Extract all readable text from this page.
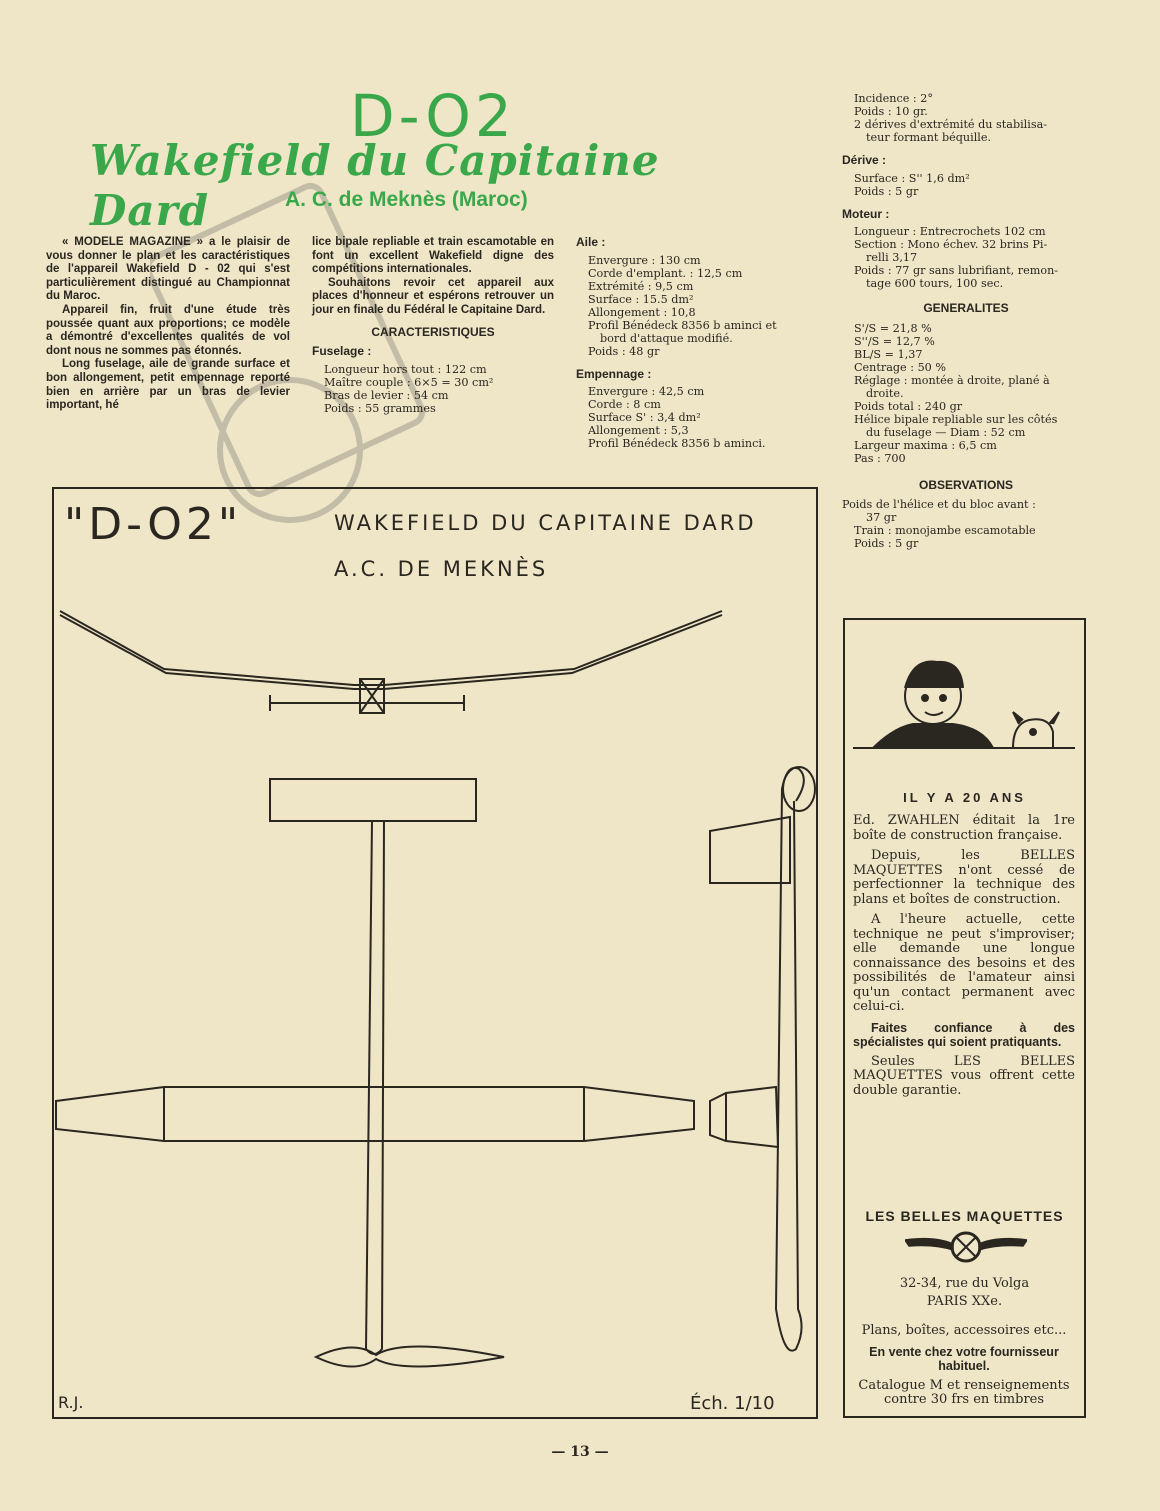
D-O2
Wakefield du Capitaine Dard	A. C. de Meknès (Maroc)

« MODELE MAGAZINE » a le plaisir de vous donner le plan et les caractéristiques de l'appareil Wakefield D - 02 qui s'est particulièrement distingué au Championnat du Maroc.

Appareil fin, fruit d'une étude très poussée quant aux proportions; ce modèle a démontré d'excellentes qualités de vol dont nous ne sommes pas étonnés.

Long fuselage, aile de grande surface et bon allongement, petit empennage reporté bien en arrière par un bras de levier important, hé

lice bipale repliable et train escamotable en font un excellent Wakefield digne des compétitions internationales.

Souhaitons revoir cet appareil aux places d'honneur et espérons retrouver un jour en finale du Fédéral le Capitaine Dard.

CARACTERISTIQUES
Fuselage :

Longueur hors tout : 122 cm

Maître couple : 6×5 = 30 cm²

Bras de levier : 54 cm

Poids : 55 grammes

Aile :

Envergure : 130 cm

Corde d'emplant. : 12,5 cm

Extrémité : 9,5 cm

Surface : 15.5 dm²

Allongement : 10,8

Profil Bénédeck 8356 b aminci et

bord d'attaque modifié.

Poids : 48 gr

Empennage :

Envergure : 42,5 cm

Corde : 8 cm

Surface S' : 3,4 dm²

Allongement : 5,3

Profil Bénédeck 8356 b aminci.

Incidence : 2°

Poids : 10 gr.

2 dérives d'extrémité du stabilisa-

teur formant béquille.

Dérive :

Surface : S'' 1,6 dm²

Poids : 5 gr

Moteur :

Longueur : Entrecrochets 102 cm

Section : Mono échev. 32 brins Pi-

relli 3,17

Poids : 77 gr sans lubrifiant, remon-

tage 600 tours, 100 sec.

GENERALITES

S'/S = 21,8 %

S''/S = 12,7 %

BL/S = 1,37

Centrage : 50 %

Réglage : montée à droite, plané à

droite.

Poids total : 240 gr

Hélice bipale repliable sur les côtés

du fuselage — Diam : 52 cm

Largeur maxima : 6,5 cm

Pas : 700

OBSERVATIONS

Poids de l'hélice et du bloc avant :

37 gr

Train : monojambe escamotable

Poids : 5 gr

"D-O2"	WAKEFIELD DU CAPITAINE DARD
A.C. DE MEKNÈS
R.J.	Éch. 1/10
IL Y A 20 ANS

Ed. ZWAHLEN éditait la 1re boîte de construction française.

Depuis, les BELLES MAQUETTES n'ont cessé de perfectionner la technique des plans et boîtes de construction.

A l'heure actuelle, cette technique ne peut s'improviser; elle demande une longue connaissance des besoins et des possibilités de l'amateur ainsi qu'un contact permanent avec celui-ci.

Faites confiance à des spécialistes qui soient pratiquants.

Seules LES BELLES MAQUETTES vous offrent cette double garantie.

LES BELLES MAQUETTES
32-34, rue du Volga
PARIS XXe.

Plans, boîtes, accessoires etc...

En vente chez votre fournisseur habituel.

Catalogue M et renseignements contre 30 frs en timbres

— 13 —
